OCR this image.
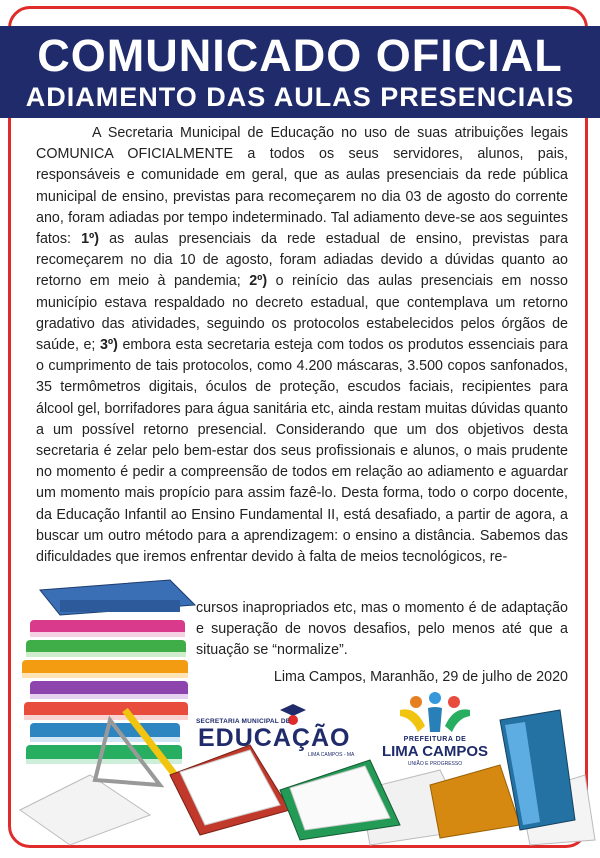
COMUNICADO OFICIAL
ADIAMENTO DAS AULAS PRESENCIAIS

A Secretaria Municipal de Educação no uso de suas atribuições legais COMUNICA OFICIALMENTE a todos os seus servidores, alunos, pais, responsáveis e comunidade em geral, que as aulas presenciais da rede pública municipal de ensino, previstas para recomeçarem no dia 03 de agosto do corrente ano, foram adiadas por tempo indeterminado. Tal adiamento deve-se aos seguintes fatos: 1º) as aulas presenciais da rede estadual de ensino, previstas para recomeçarem no dia 10 de agosto, foram adiadas devido a dúvidas quanto ao retorno em meio à pandemia; 2º) o reinício das aulas presenciais em nosso município estava respaldado no decreto estadual, que contemplava um retorno gradativo das atividades, seguindo os protocolos estabelecidos pelos órgãos de saúde, e; 3º) embora esta secretaria esteja com todos os produtos essenciais para o cumprimento de tais protocolos, como 4.200 máscaras, 3.500 copos sanfonados, 35 termômetros digitais, óculos de proteção, escudos faciais, recipientes para álcool gel, borrifadores para água sanitária etc, ainda restam muitas dúvidas quanto a um possível retorno presencial. Considerando que um dos objetivos desta secretaria é zelar pelo bem-estar dos seus profissionais e alunos, o mais prudente no momento é pedir a compreensão de todos em relação ao adiamento e aguardar um momento mais propício para assim fazê-lo. Desta forma, todo o corpo docente, da Educação Infantil ao Ensino Fundamental II, está desafiado, a partir de agora, a buscar um outro método para a aprendizagem: o ensino a distância. Sabemos das dificuldades que iremos enfrentar devido à falta de meios tecnológicos, re-

cursos inapropriados etc, mas o momento é de adaptação e superação de novos desafios, pelo menos até que a situação se “normalize”.

Lima Campos, Maranhão, 29 de julho de 2020
SECRETARIA MUNICIPAL DE
EDUCAÇÃO
LIMA CAMPOS - MA
PREFEITURA DE
LIMA CAMPOS
UNIÃO E PROGRESSO
